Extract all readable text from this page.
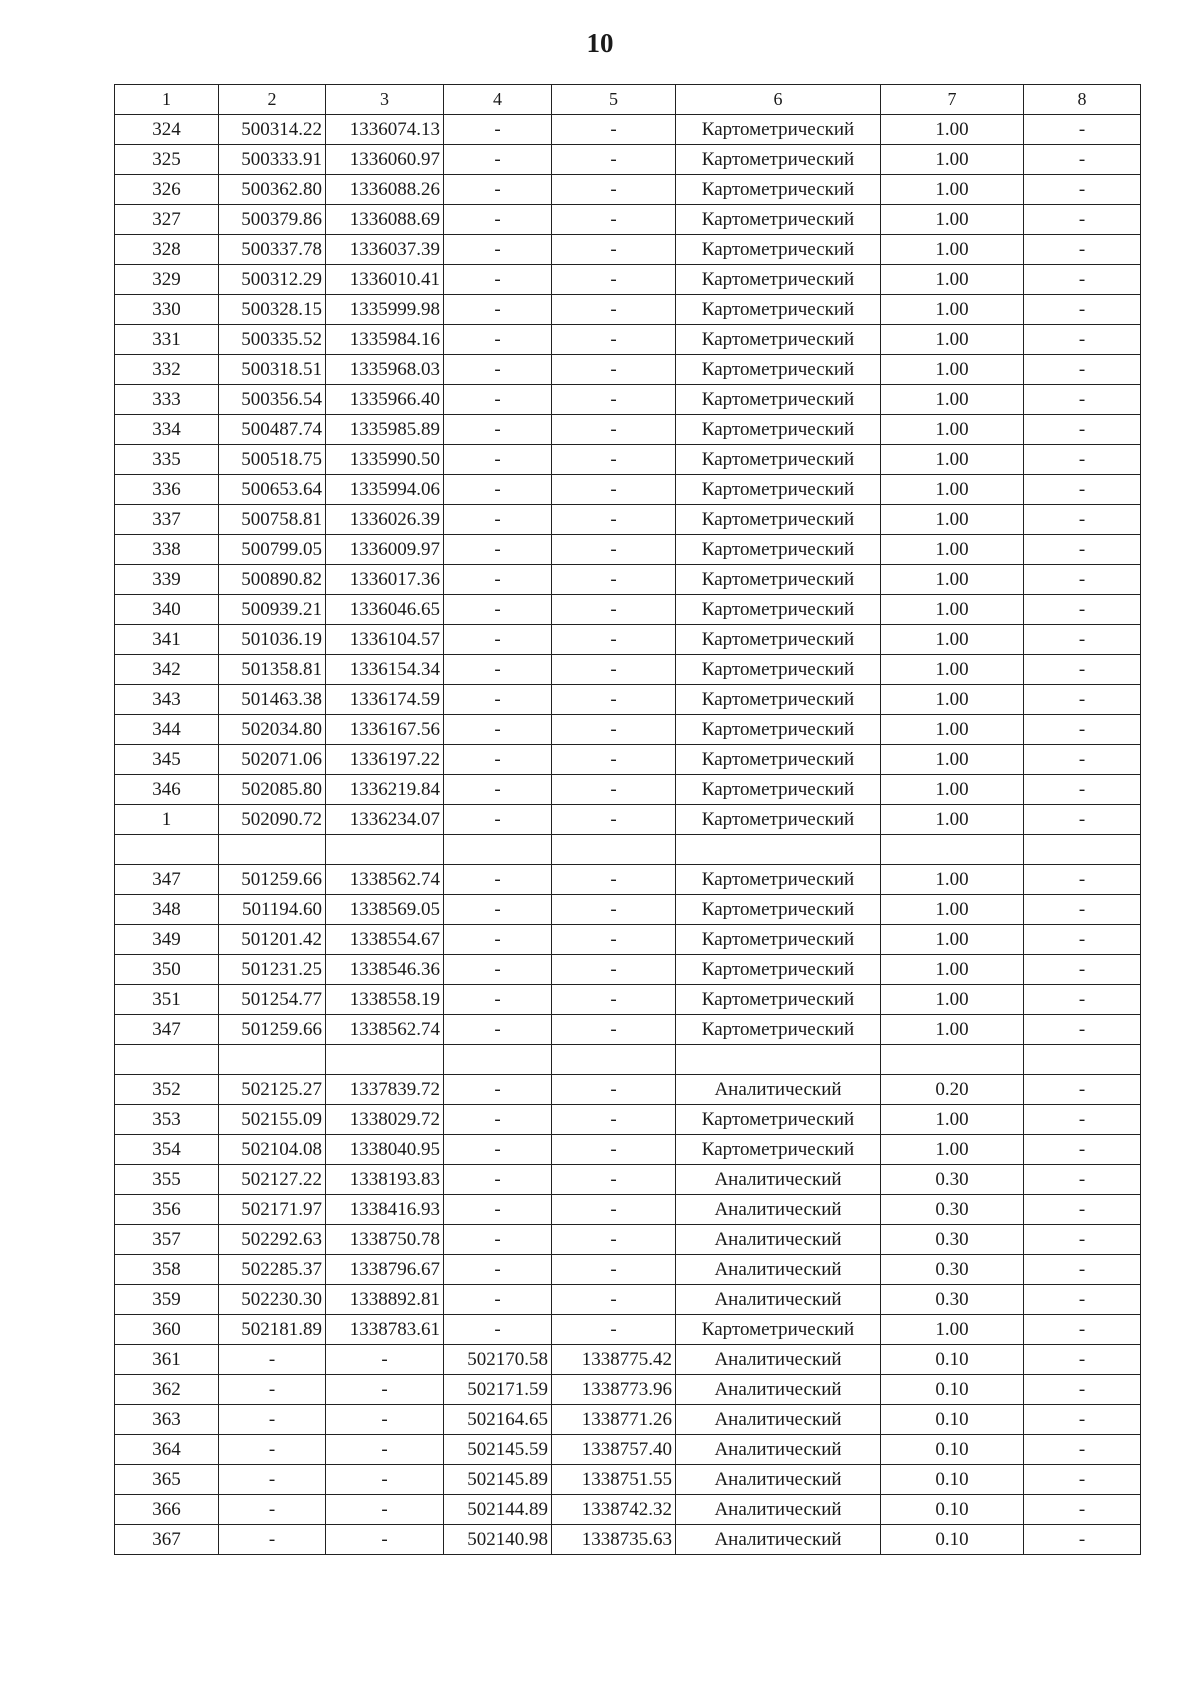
10
1	2	3	4	5	6	7	8
324	500314.22	1336074.13	-	-	Картометрический	1.00	-
325	500333.91	1336060.97	-	-	Картометрический	1.00	-
326	500362.80	1336088.26	-	-	Картометрический	1.00	-
327	500379.86	1336088.69	-	-	Картометрический	1.00	-
328	500337.78	1336037.39	-	-	Картометрический	1.00	-
329	500312.29	1336010.41	-	-	Картометрический	1.00	-
330	500328.15	1335999.98	-	-	Картометрический	1.00	-
331	500335.52	1335984.16	-	-	Картометрический	1.00	-
332	500318.51	1335968.03	-	-	Картометрический	1.00	-
333	500356.54	1335966.40	-	-	Картометрический	1.00	-
334	500487.74	1335985.89	-	-	Картометрический	1.00	-
335	500518.75	1335990.50	-	-	Картометрический	1.00	-
336	500653.64	1335994.06	-	-	Картометрический	1.00	-
337	500758.81	1336026.39	-	-	Картометрический	1.00	-
338	500799.05	1336009.97	-	-	Картометрический	1.00	-
339	500890.82	1336017.36	-	-	Картометрический	1.00	-
340	500939.21	1336046.65	-	-	Картометрический	1.00	-
341	501036.19	1336104.57	-	-	Картометрический	1.00	-
342	501358.81	1336154.34	-	-	Картометрический	1.00	-
343	501463.38	1336174.59	-	-	Картометрический	1.00	-
344	502034.80	1336167.56	-	-	Картометрический	1.00	-
345	502071.06	1336197.22	-	-	Картометрический	1.00	-
346	502085.80	1336219.84	-	-	Картометрический	1.00	-
1	502090.72	1336234.07	-	-	Картометрический	1.00	-

347	501259.66	1338562.74	-	-	Картометрический	1.00	-
348	501194.60	1338569.05	-	-	Картометрический	1.00	-
349	501201.42	1338554.67	-	-	Картометрический	1.00	-
350	501231.25	1338546.36	-	-	Картометрический	1.00	-
351	501254.77	1338558.19	-	-	Картометрический	1.00	-
347	501259.66	1338562.74	-	-	Картометрический	1.00	-

352	502125.27	1337839.72	-	-	Аналитический	0.20	-
353	502155.09	1338029.72	-	-	Картометрический	1.00	-
354	502104.08	1338040.95	-	-	Картометрический	1.00	-
355	502127.22	1338193.83	-	-	Аналитический	0.30	-
356	502171.97	1338416.93	-	-	Аналитический	0.30	-
357	502292.63	1338750.78	-	-	Аналитический	0.30	-
358	502285.37	1338796.67	-	-	Аналитический	0.30	-
359	502230.30	1338892.81	-	-	Аналитический	0.30	-
360	502181.89	1338783.61	-	-	Картометрический	1.00	-
361	-	-	502170.58	1338775.42	Аналитический	0.10	-
362	-	-	502171.59	1338773.96	Аналитический	0.10	-
363	-	-	502164.65	1338771.26	Аналитический	0.10	-
364	-	-	502145.59	1338757.40	Аналитический	0.10	-
365	-	-	502145.89	1338751.55	Аналитический	0.10	-
366	-	-	502144.89	1338742.32	Аналитический	0.10	-
367	-	-	502140.98	1338735.63	Аналитический	0.10	-
